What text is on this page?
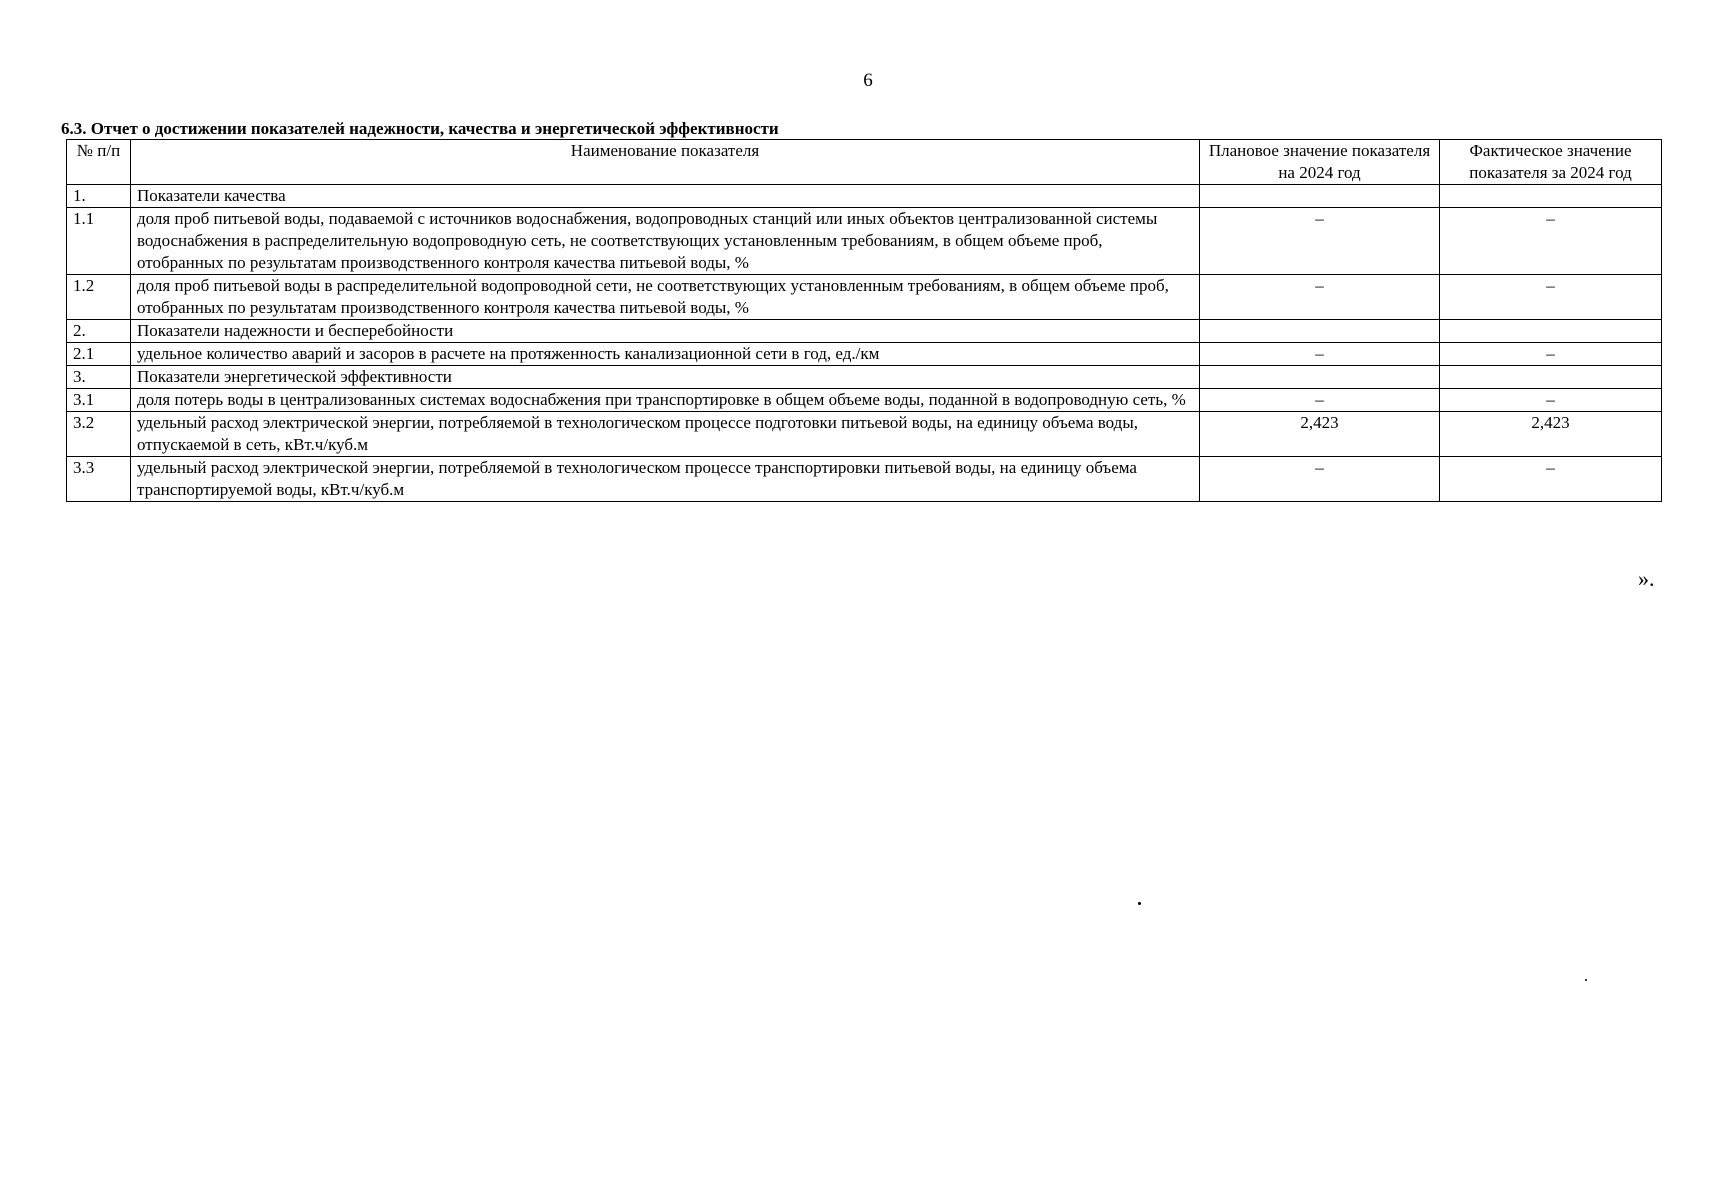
6
6.3. Отчет о достижении показателей надежности, качества и энергетической эффективности
№ п/п	Наименование показателя	Плановое значение показателя на 2024 год	Фактическое значение показателя за 2024 год
1.	Показатели качества		
1.1	доля проб питьевой воды, подаваемой с источников водоснабжения, водопроводных станций или иных объектов централизованной системы водоснабжения в распределительную водопроводную сеть, не соответствующих установленным требованиям, в общем объеме проб, отобранных по результатам производственного контроля качества питьевой воды, %	–	–
1.2	доля проб питьевой воды в распределительной водопроводной сети, не соответствующих установленным требованиям, в общем объеме проб, отобранных по результатам производственного контроля качества питьевой воды, %	–	–
2.	Показатели надежности и бесперебойности		
2.1	удельное количество аварий и засоров в расчете на протяженность канализационной сети в год, ед./км	–	–
3.	Показатели энергетической эффективности		
3.1	доля потерь воды в централизованных системах водоснабжения при транспортировке в общем объеме воды, поданной в водопроводную сеть, %	–	–
3.2	удельный расход электрической энергии, потребляемой в технологическом процессе подготовки питьевой воды, на единицу объема воды, отпускаемой в сеть, кВт.ч/куб.м	2,423	2,423
3.3	удельный расход электрической энергии, потребляемой в технологическом процессе транспортировки питьевой воды, на единицу объема транспортируемой воды, кВт.ч/куб.м	–	–
».
